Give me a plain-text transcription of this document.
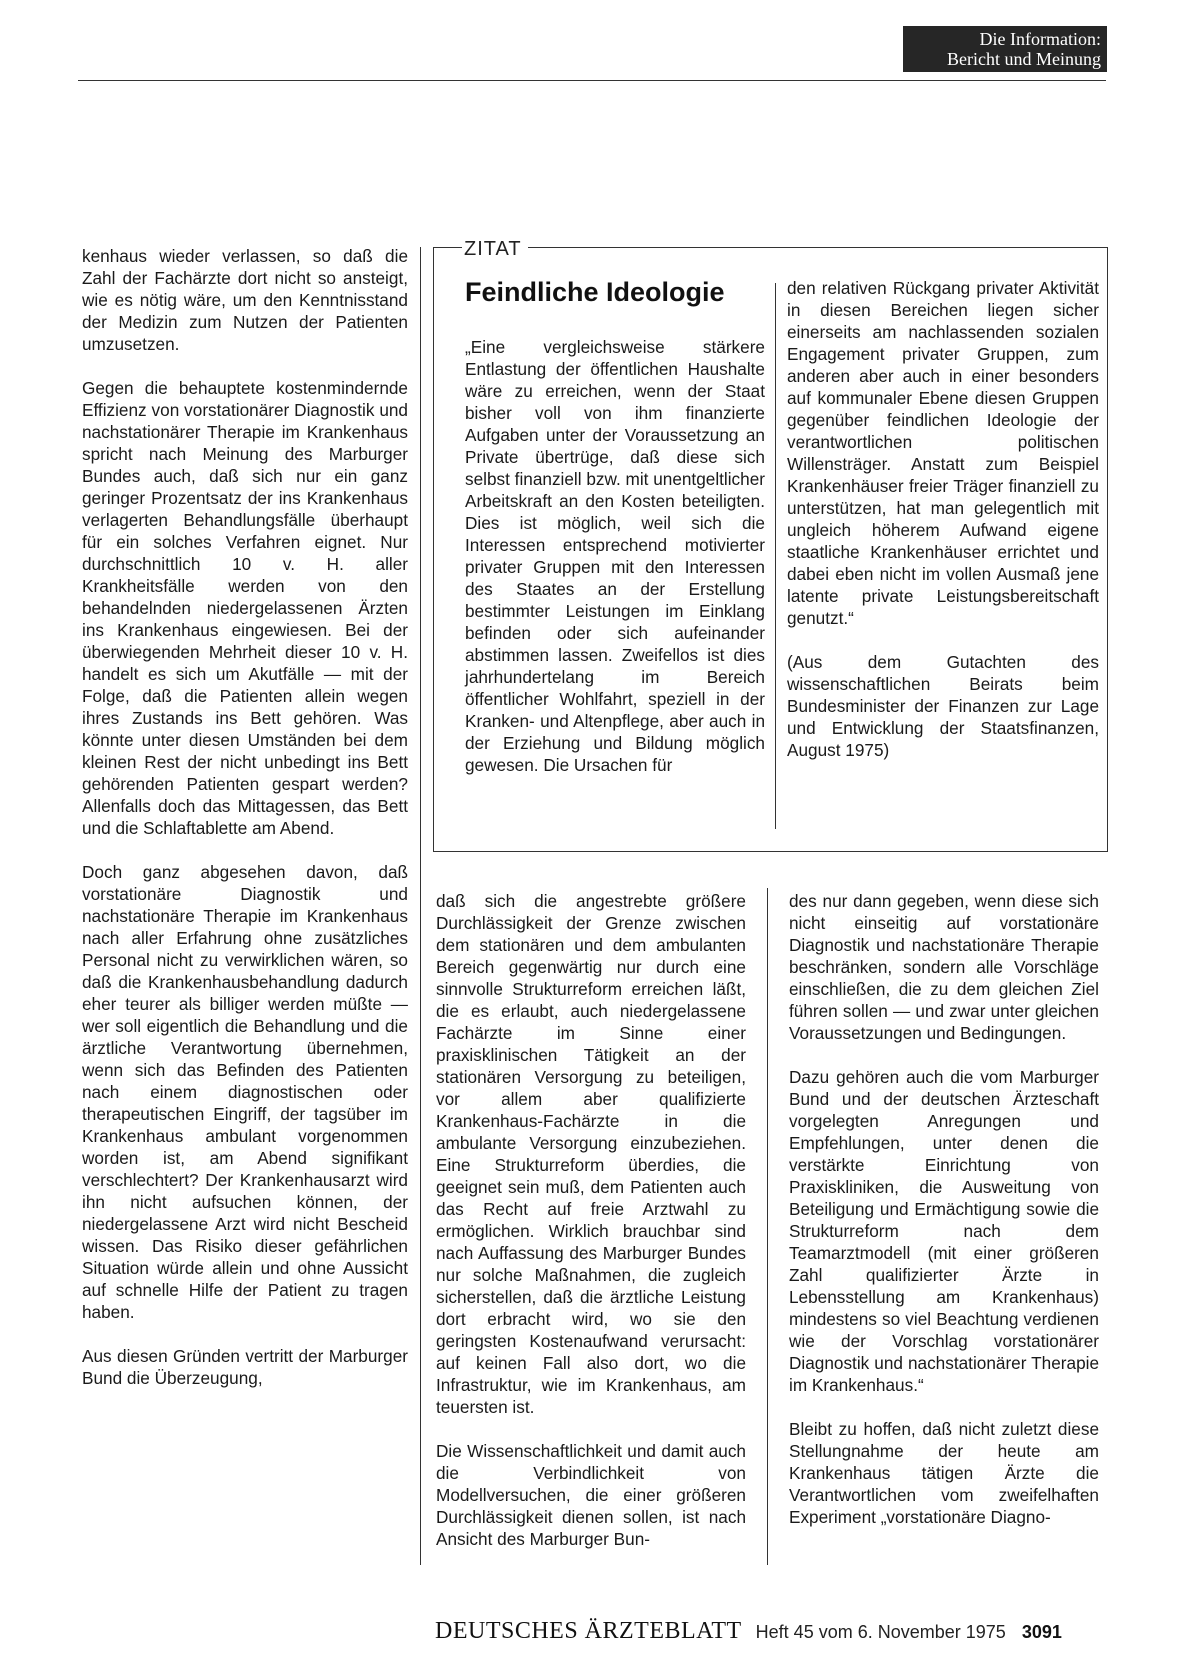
Die Information:
Bericht und Meinung

kenhaus wieder verlassen, so daß die Zahl der Fachärzte dort nicht so ansteigt, wie es nötig wäre, um den Kenntnisstand der Medizin zum Nutzen der Patienten umzusetzen.

Gegen die behauptete kostenmindernde Effizienz von vorstationärer Diagnostik und nachstationärer Therapie im Krankenhaus spricht nach Meinung des Marburger Bundes auch, daß sich nur ein ganz geringer Prozentsatz der ins Krankenhaus verlagerten Behandlungsfälle überhaupt für ein solches Verfahren eignet. Nur durchschnittlich 10 v. H. aller Krankheitsfälle werden von den behandelnden niedergelassenen Ärzten ins Krankenhaus eingewiesen. Bei der überwiegenden Mehrheit dieser 10 v. H. handelt es sich um Akutfälle — mit der Folge, daß die Patienten allein wegen ihres Zustands ins Bett gehören. Was könnte unter diesen Umständen bei dem kleinen Rest der nicht unbedingt ins Bett gehörenden Patienten gespart werden? Allenfalls doch das Mittagessen, das Bett und die Schlaftablette am Abend.

Doch ganz abgesehen davon, daß vorstationäre Diagnostik und nachstationäre Therapie im Krankenhaus nach aller Erfahrung ohne zusätzliches Personal nicht zu verwirklichen wären, so daß die Krankenhausbehandlung dadurch eher teurer als billiger werden müßte — wer soll eigentlich die Behandlung und die ärztliche Verantwortung übernehmen, wenn sich das Befinden des Patienten nach einem diagnostischen oder therapeutischen Eingriff, der tagsüber im Krankenhaus ambulant vorgenommen worden ist, am Abend signifikant verschlechtert? Der Krankenhausarzt wird ihn nicht aufsuchen können, der niedergelassene Arzt wird nicht Bescheid wissen. Das Risiko dieser gefährlichen Situation würde allein und ohne Aussicht auf schnelle Hilfe der Patient zu tragen haben.

Aus diesen Gründen vertritt der Marburger Bund die Überzeugung,

ZITAT
Feindliche Ideologie

„Eine vergleichsweise stärkere Entlastung der öffentlichen Haushalte wäre zu erreichen, wenn der Staat bisher voll von ihm finanzierte Aufgaben unter der Voraussetzung an Private übertrüge, daß diese sich selbst finanziell bzw. mit unentgeltlicher Arbeitskraft an den Kosten beteiligten. Dies ist möglich, weil sich die Interessen entsprechend motivierter privater Gruppen mit den Interessen des Staates an der Erstellung bestimmter Leistungen im Einklang befinden oder sich aufeinander abstimmen lassen. Zweifellos ist dies jahrhundertelang im Bereich öffentlicher Wohlfahrt, speziell in der Kranken- und Altenpflege, aber auch in der Erziehung und Bildung möglich gewesen. Die Ursachen für

den relativen Rückgang privater Aktivität in diesen Bereichen liegen sicher einerseits am nachlassenden sozialen Engagement privater Gruppen, zum anderen aber auch in einer besonders auf kommunaler Ebene diesen Gruppen gegenüber feindlichen Ideologie der verantwortlichen politischen Willensträger. Anstatt zum Beispiel Krankenhäuser freier Träger finanziell zu unterstützen, hat man gelegentlich mit ungleich höherem Aufwand eigene staatliche Krankenhäuser errichtet und dabei eben nicht im vollen Ausmaß jene latente private Leistungsbereitschaft genutzt.“

(Aus dem Gutachten des wissenschaftlichen Beirats beim Bundesminister der Finanzen zur Lage und Entwicklung der Staatsfinanzen, August 1975)

daß sich die angestrebte größere Durchlässigkeit der Grenze zwischen dem stationären und dem ambulanten Bereich gegenwärtig nur durch eine sinnvolle Strukturreform erreichen läßt, die es erlaubt, auch niedergelassene Fachärzte im Sinne einer praxisklinischen Tätigkeit an der stationären Versorgung zu beteiligen, vor allem aber qualifizierte Krankenhaus-Fachärzte in die ambulante Versorgung einzubeziehen. Eine Strukturreform überdies, die geeignet sein muß, dem Patienten auch das Recht auf freie Arztwahl zu ermöglichen. Wirklich brauchbar sind nach Auffassung des Marburger Bundes nur solche Maßnahmen, die zugleich sicherstellen, daß die ärztliche Leistung dort erbracht wird, wo sie den geringsten Kostenaufwand verursacht: auf keinen Fall also dort, wo die Infrastruktur, wie im Krankenhaus, am teuersten ist.

Die Wissenschaftlichkeit und damit auch die Verbindlichkeit von Modellversuchen, die einer größeren Durchlässigkeit dienen sollen, ist nach Ansicht des Marburger Bun-

des nur dann gegeben, wenn diese sich nicht einseitig auf vorstationäre Diagnostik und nachstationäre Therapie beschränken, sondern alle Vorschläge einschließen, die zu dem gleichen Ziel führen sollen — und zwar unter gleichen Voraussetzungen und Bedingungen.

Dazu gehören auch die vom Marburger Bund und der deutschen Ärzteschaft vorgelegten Anregungen und Empfehlungen, unter denen die verstärkte Einrichtung von Praxiskliniken, die Ausweitung von Beteiligung und Ermächtigung sowie die Strukturreform nach dem Teamarztmodell (mit einer größeren Zahl qualifizierter Ärzte in Lebensstellung am Krankenhaus) mindestens so viel Beachtung verdienen wie der Vorschlag vorstationärer Diagnostik und nachstationärer Therapie im Krankenhaus.“

Bleibt zu hoffen, daß nicht zuletzt diese Stellungnahme der heute am Krankenhaus tätigen Ärzte die Verantwortlichen vom zweifelhaften Experiment „vorstationäre Diagno-

DEUTSCHES ÄRZTEBLATT Heft 45 vom 6. November 1975 3091
